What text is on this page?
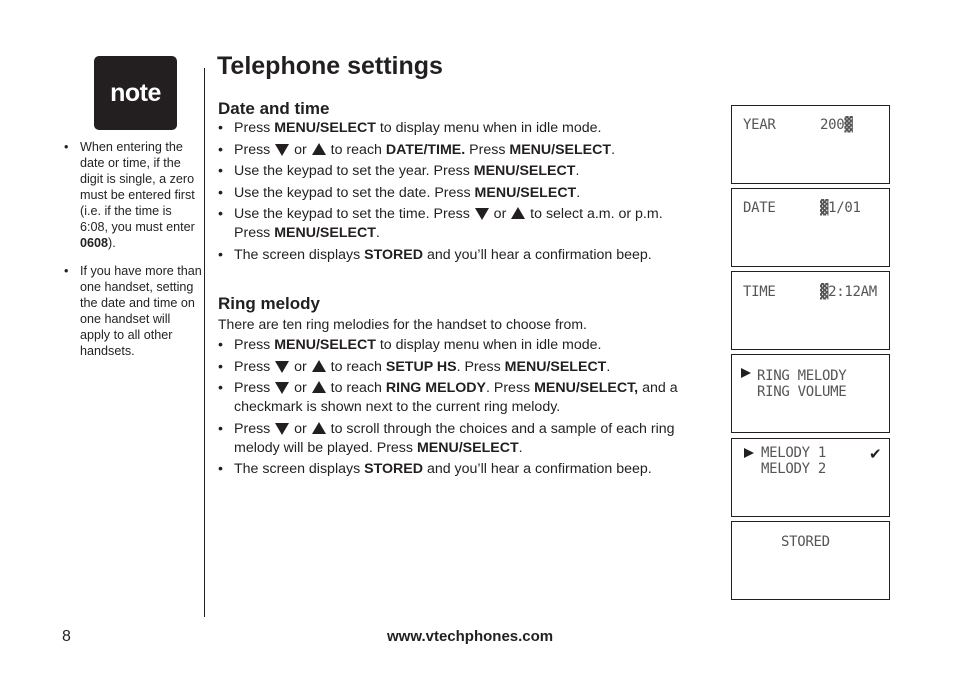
note
• When entering the date or time, if the digit is single, a zero must be entered first (i.e. if the time is 6:08, you must enter 0608).
• If you have more than one handset, setting the date and time on one handset will apply to all other handsets.
Telephone settings
Date and time
• Press MENU/SELECT to display menu when in idle mode.
• Press  or  to reach DATE/TIME. Press MENU/SELECT.
• Use the keypad to set the year. Press MENU/SELECT.
• Use the keypad to set the date. Press MENU/SELECT.
• Use the keypad to set the time. Press  or  to select a.m. or p.m. Press MENU/SELECT.
• The screen displays STORED and you’ll hear a confirmation beep.
Ring melody
There are ten ring melodies for the handset to choose from.
• Press MENU/SELECT to display menu when in idle mode.
• Press  or  to reach SETUP HS. Press MENU/SELECT.
• Press  or  to reach RING MELODY. Press MENU/SELECT, and a checkmark is shown next to the current ring melody.
• Press  or  to scroll through the choices and a sample of each ring melody will be played. Press MENU/SELECT.
• The screen displays STORED and you’ll hear a confirmation beep.
YEAR	200▓
DATE	▓1/01
TIME	▓2:12AM
RING MELODY
RING VOLUME
MELODY 1
MELODY 2
✔
STORED
8	www.vtechphones.com
